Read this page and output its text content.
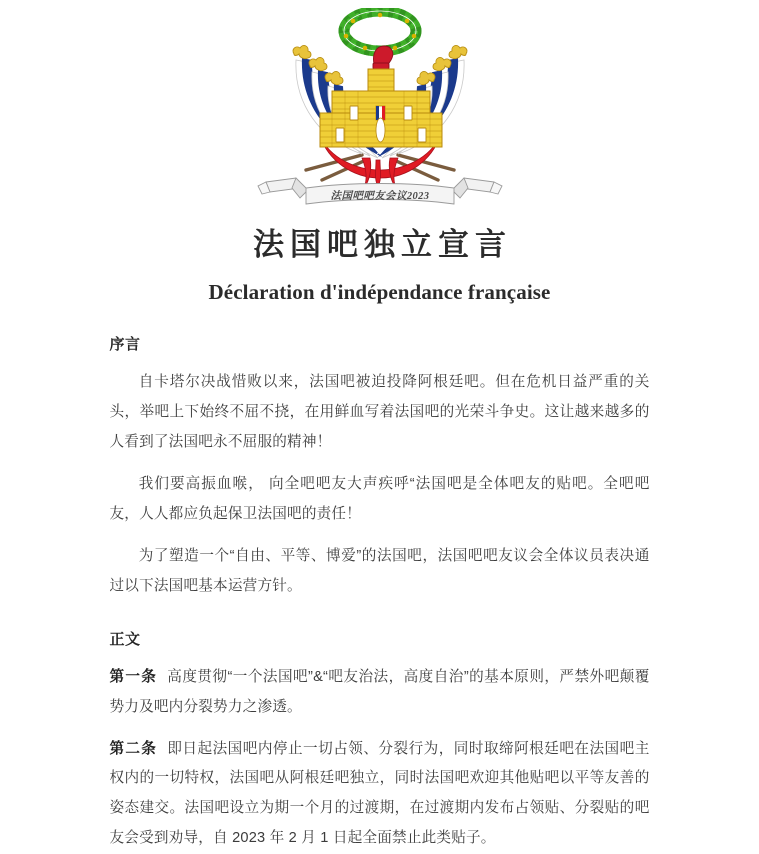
法国吧吧友会议2023
法国吧独立宣言
Déclaration d'indépendance française
序言

自卡塔尔决战惜败以来，法国吧被迫投降阿根廷吧。但在危机日益严重的关头，举吧上下始终不屈不挠，在用鲜血写着法国吧的光荣斗争史。这让越来越多的人看到了法国吧永不屈服的精神！

我们要高振血喉， 向全吧吧友大声疾呼“法国吧是全体吧友的贴吧。全吧吧友，人人都应负起保卫法国吧的责任！

为了塑造一个“自由、平等、博爱”的法国吧，法国吧吧友议会全体议员表决通过以下法国吧基本运营方针。

正文

第一条 高度贯彻“一个法国吧”&“吧友治法，高度自治”的基本原则，严禁外吧颠覆势力及吧内分裂势力之渗透。

第二条 即日起法国吧内停止一切占领、分裂行为，同时取缔阿根廷吧在法国吧主权内的一切特权，法国吧从阿根廷吧独立，同时法国吧欢迎其他贴吧以平等友善的姿态建交。法国吧设立为期一个月的过渡期，在过渡期内发布占领贴、分裂贴的吧友会受到劝导，自 2023 年 2 月 1 日起全面禁止此类贴子。
